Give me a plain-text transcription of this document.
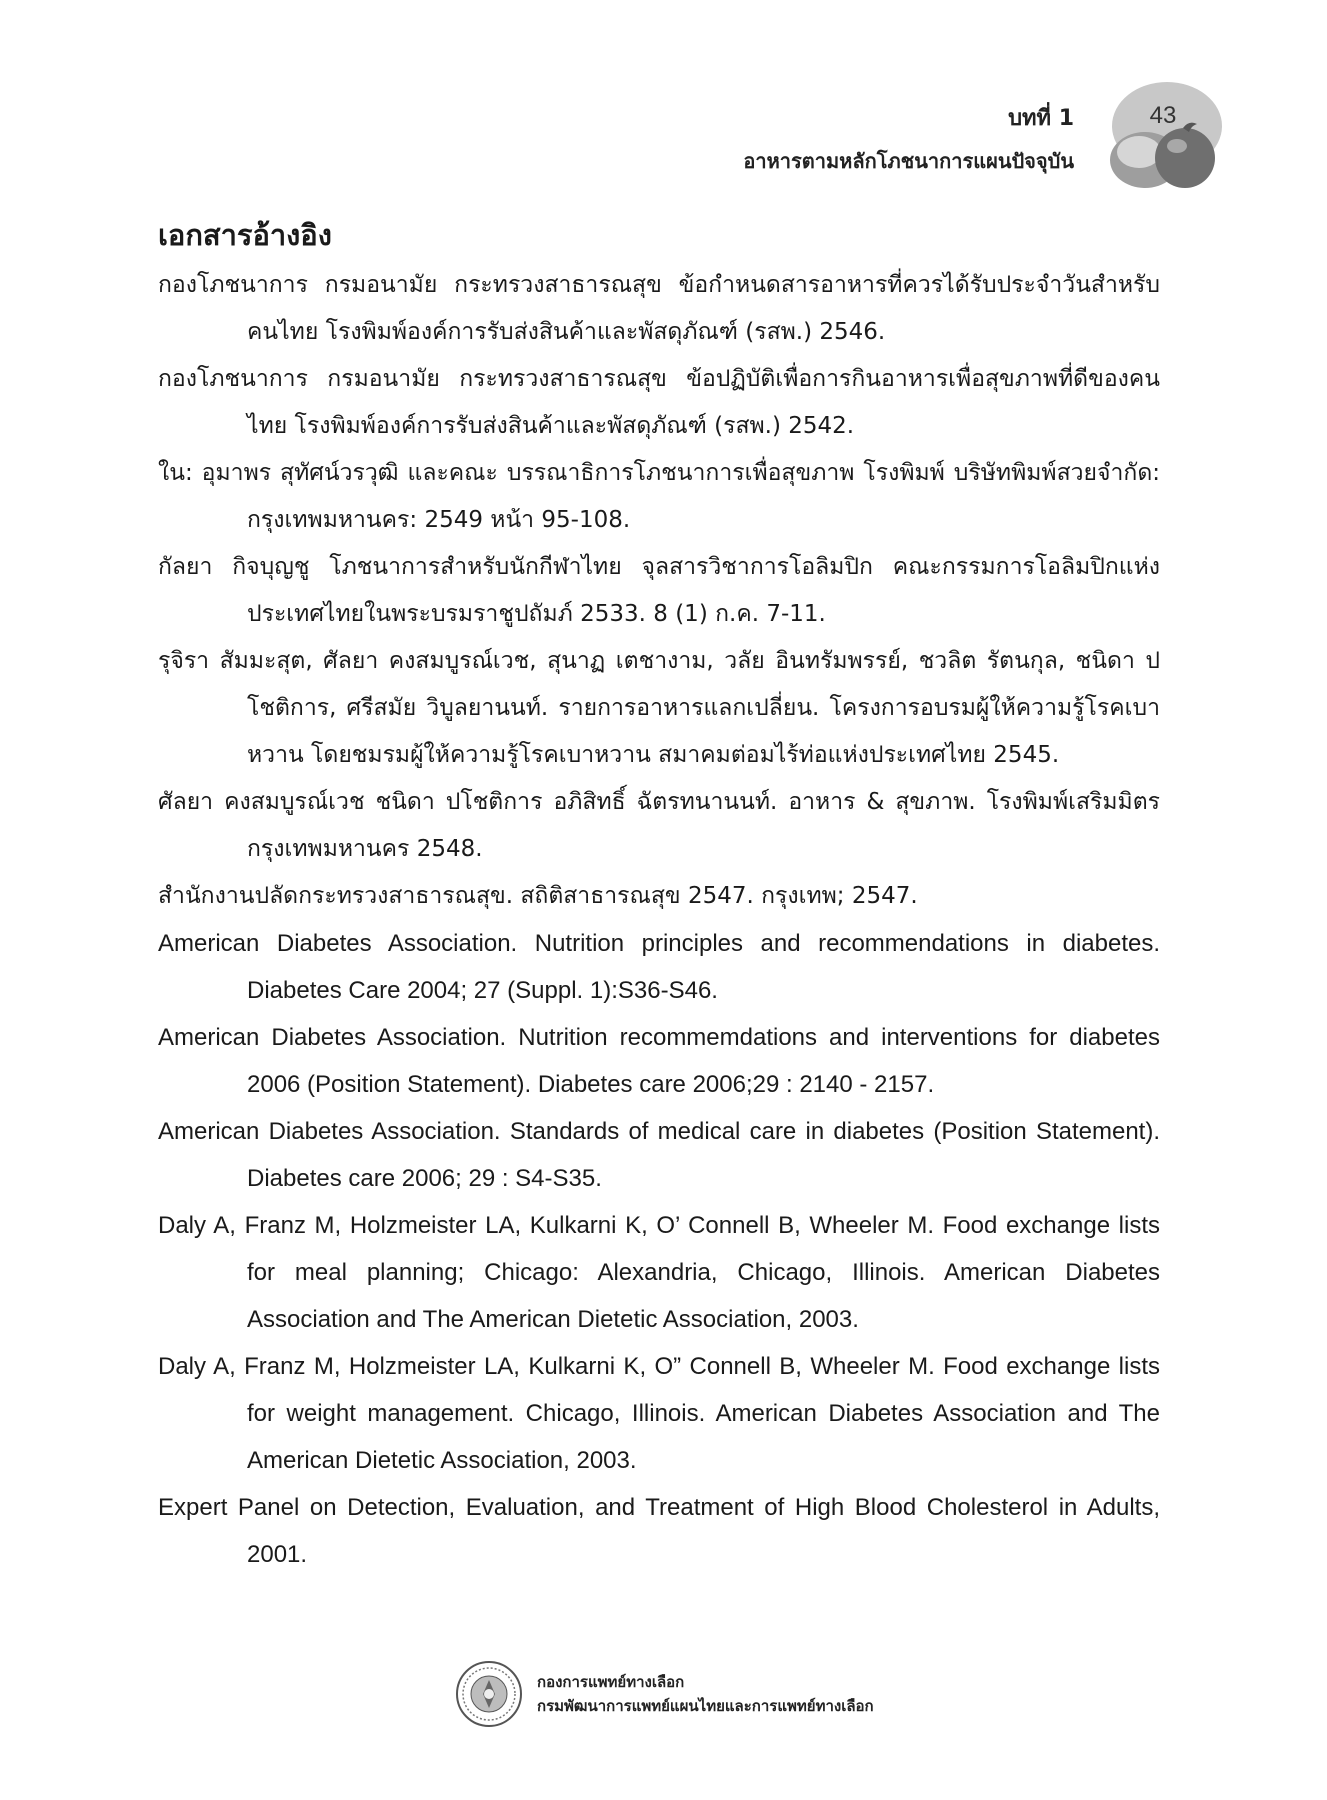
43
บทที่ 1
อาหารตามหลักโภชนาการแผนปัจจุบัน
เอกสารอ้างอิง

กองโภชนาการ กรมอนามัย กระทรวงสาธารณสุข ข้อกำหนดสารอาหารที่ควรได้รับประจำวันสำหรับคนไทย โรงพิมพ์องค์การรับส่งสินค้าและพัสดุภัณฑ์ (รสพ.) 2546.

กองโภชนาการ กรมอนามัย กระทรวงสาธารณสุข ข้อปฏิบัติเพื่อการกินอาหารเพื่อสุขภาพที่ดีของคนไทย โรงพิมพ์องค์การรับส่งสินค้าและพัสดุภัณฑ์ (รสพ.) 2542.

ใน: อุมาพร สุทัศน์วรวุฒิ และคณะ บรรณาธิการโภชนาการเพื่อสุขภาพ โรงพิมพ์ บริษัทพิมพ์สวยจำกัด: กรุงเทพมหานคร: 2549 หน้า 95-108.

กัลยา กิจบุญชู โภชนาการสำหรับนักกีฬาไทย จุลสารวิชาการโอลิมปิก คณะกรรมการโอลิมปิกแห่งประเทศไทยในพระบรมราชูปถัมภ์ 2533. 8 (1) ก.ค. 7-11.

รุจิรา สัมมะสุต, ศัลยา คงสมบูรณ์เวช, สุนาฏ เตชางาม, วลัย อินทรัมพรรย์, ชวลิต รัตนกุล, ชนิดา ปโชติการ, ศรีสมัย วิบูลยานนท์. รายการอาหารแลกเปลี่ยน. โครงการอบรมผู้ให้ความรู้โรคเบาหวาน โดยชมรมผู้ให้ความรู้โรคเบาหวาน สมาคมต่อมไร้ท่อแห่งประเทศไทย 2545.

ศัลยา คงสมบูรณ์เวช ชนิดา ปโชติการ อภิสิทธิ์ ฉัตรทนานนท์. อาหาร & สุขภาพ. โรงพิมพ์เสริมมิตร กรุงเทพมหานคร 2548.

สำนักงานปลัดกระทรวงสาธารณสุข. สถิติสาธารณสุข 2547. กรุงเทพ; 2547.

American Diabetes Association. Nutrition principles and recommendations in diabetes. Diabetes Care 2004; 27 (Suppl. 1):S36-S46.

American Diabetes Association. Nutrition recommemdations and interventions for diabetes 2006 (Position Statement). Diabetes care 2006;29 : 2140 - 2157.

American Diabetes Association. Standards of medical care in diabetes (Position Statement). Diabetes care 2006; 29 : S4-S35.

Daly A, Franz M, Holzmeister LA, Kulkarni K, O’ Connell B, Wheeler M. Food exchange lists for meal planning; Chicago: Alexandria, Chicago, Illinois. American Diabetes Association and The American Dietetic Association, 2003.

Daly A, Franz M, Holzmeister LA, Kulkarni K, O” Connell B, Wheeler M. Food exchange lists for weight management. Chicago, Illinois. American Diabetes Association and The American Dietetic Association, 2003.

Expert Panel on Detection, Evaluation, and Treatment of High Blood Cholesterol in Adults, 2001.

กองการแพทย์ทางเลือก
กรมพัฒนาการแพทย์แผนไทยและการแพทย์ทางเลือก
